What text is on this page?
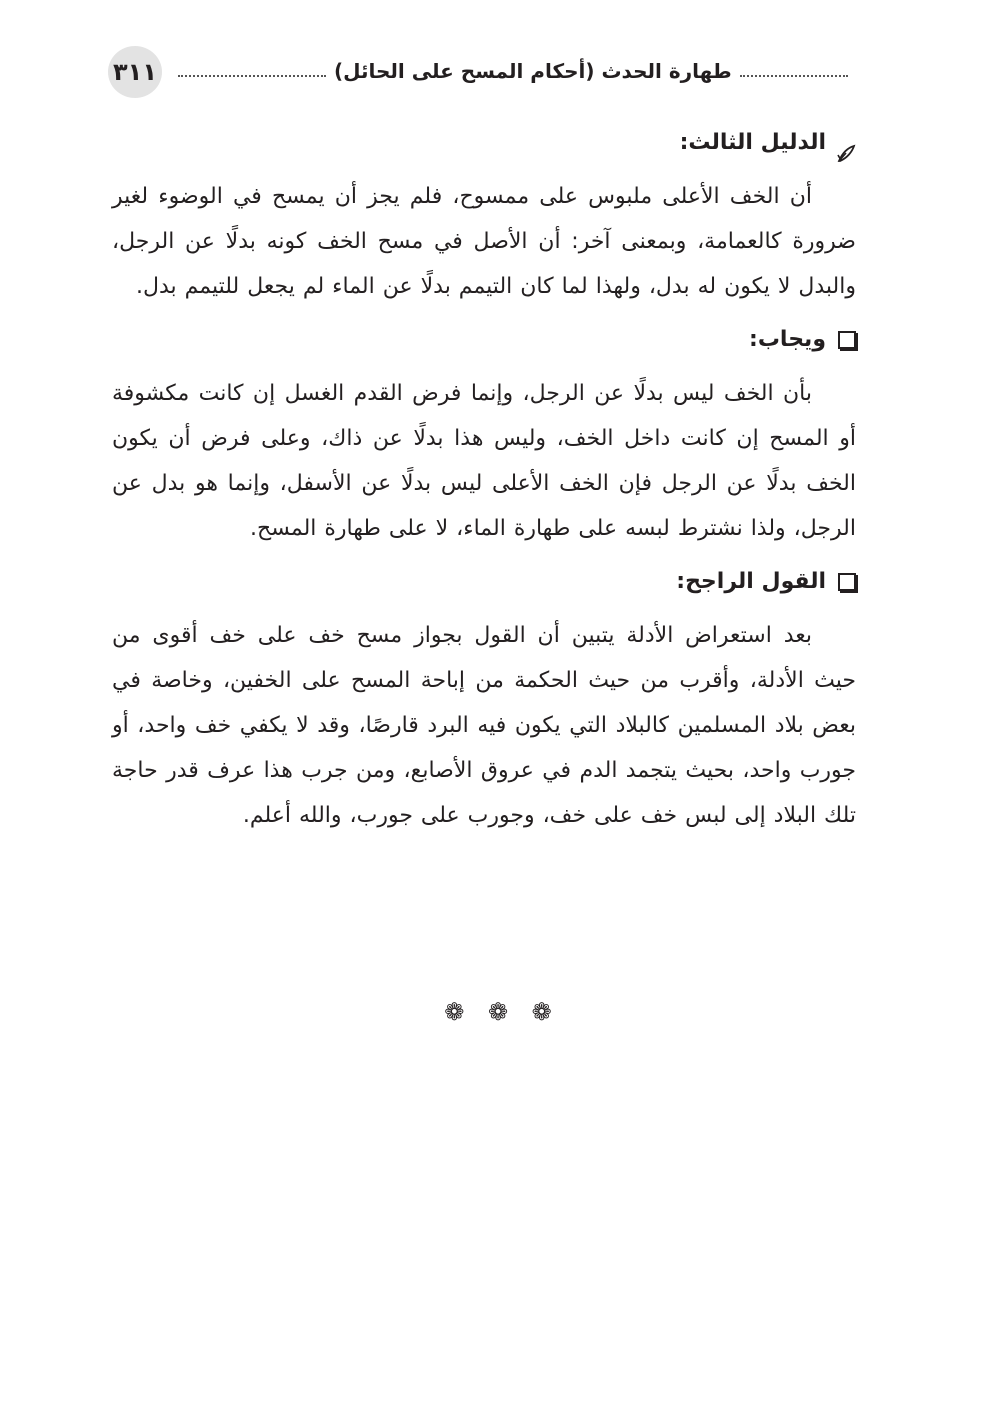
٣١١	طهارة الحدث (أحكام المسح على الحائل)
الدليل الثالث:

أن الخف الأعلى ملبوس على ممسوح، فلم يجز أن يمسح في الوضوء لغير ضرورة كالعمامة، وبمعنى آخر: أن الأصل في مسح الخف كونه بدلًا عن الرجل، والبدل لا يكون له بدل، ولهذا لما كان التيمم بدلًا عن الماء لم يجعل للتيمم بدل.

ويجاب:

بأن الخف ليس بدلًا عن الرجل، وإنما فرض القدم الغسل إن كانت مكشوفة أو المسح إن كانت داخل الخف، وليس هذا بدلًا عن ذاك، وعلى فرض أن يكون الخف بدلًا عن الرجل فإن الخف الأعلى ليس بدلًا عن الأسفل، وإنما هو بدل عن الرجل، ولذا نشترط لبسه على طهارة الماء، لا على طهارة المسح.

القول الراجح:

بعد استعراض الأدلة يتبين أن القول بجواز مسح خف على خف أقوى من حيث الأدلة، وأقرب من حيث الحكمة من إباحة المسح على الخفين، وخاصة في بعض بلاد المسلمين كالبلاد التي يكون فيه البرد قارصًا، وقد لا يكفي خف واحد، أو جورب واحد، بحيث يتجمد الدم في عروق الأصابع، ومن جرب هذا عرف قدر حاجة تلك البلاد إلى لبس خف على خف، وجورب على جورب، والله أعلم.

❁ ❁ ❁
